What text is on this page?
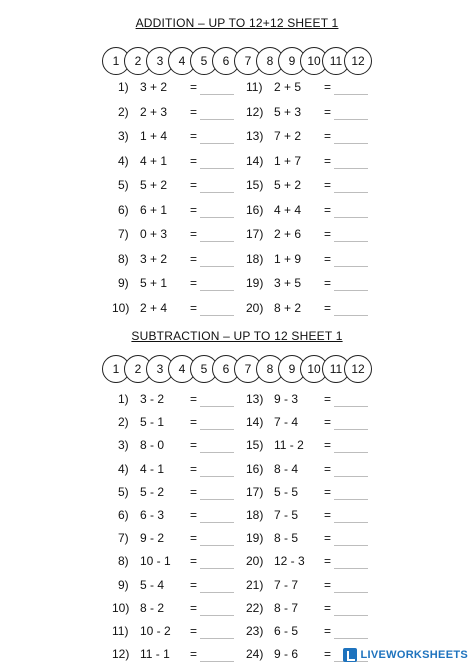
ADDITION – UP TO 12+12 SHEET 1
1	2	3	4	5	6	7	8	9 10 11 12
1) 3 + 2 =
2) 2 + 3 =
3) 1 + 4 =
4) 4 + 1 =
5) 5 + 2 =
6) 6 + 1 =
7) 0 + 3 =
8) 3 + 2 =
9) 5 + 1 =
10) 2 + 4 =
11) 2 + 5 =
12) 5 + 3 =
13) 7 + 2 =
14) 1 + 7 =
15) 5 + 2 =
16) 4 + 4 =
17) 2 + 6 =
18) 1 + 9 =
19) 3 + 5 =
20) 8 + 2 =
SUBTRACTION – UP TO 12 SHEET 1
1	2	3	4	5	6	7	8	9 10 11 12
1) 3 - 2 =
2) 5 - 1 =
3) 8 - 0 =
4) 4 - 1 =
5) 5 - 2 =
6) 6 - 3 =
7) 9 - 2 =
8) 10 - 1 =
9) 5 - 4 =
10) 8 - 2 =
11) 10 - 2 =
12) 11 - 1 =
13) 9 - 3 =
14) 7 - 4 =
15) 11 - 2 =
16) 8 - 4 =
17) 5 - 5 =
18) 7 - 5 =
19) 8 - 5 =
20) 12 - 3 =
21) 7 - 7 =
22) 8 - 7 =
23) 6 - 5 =
24) 9 - 6 =	LIVEWORKSHEETS
